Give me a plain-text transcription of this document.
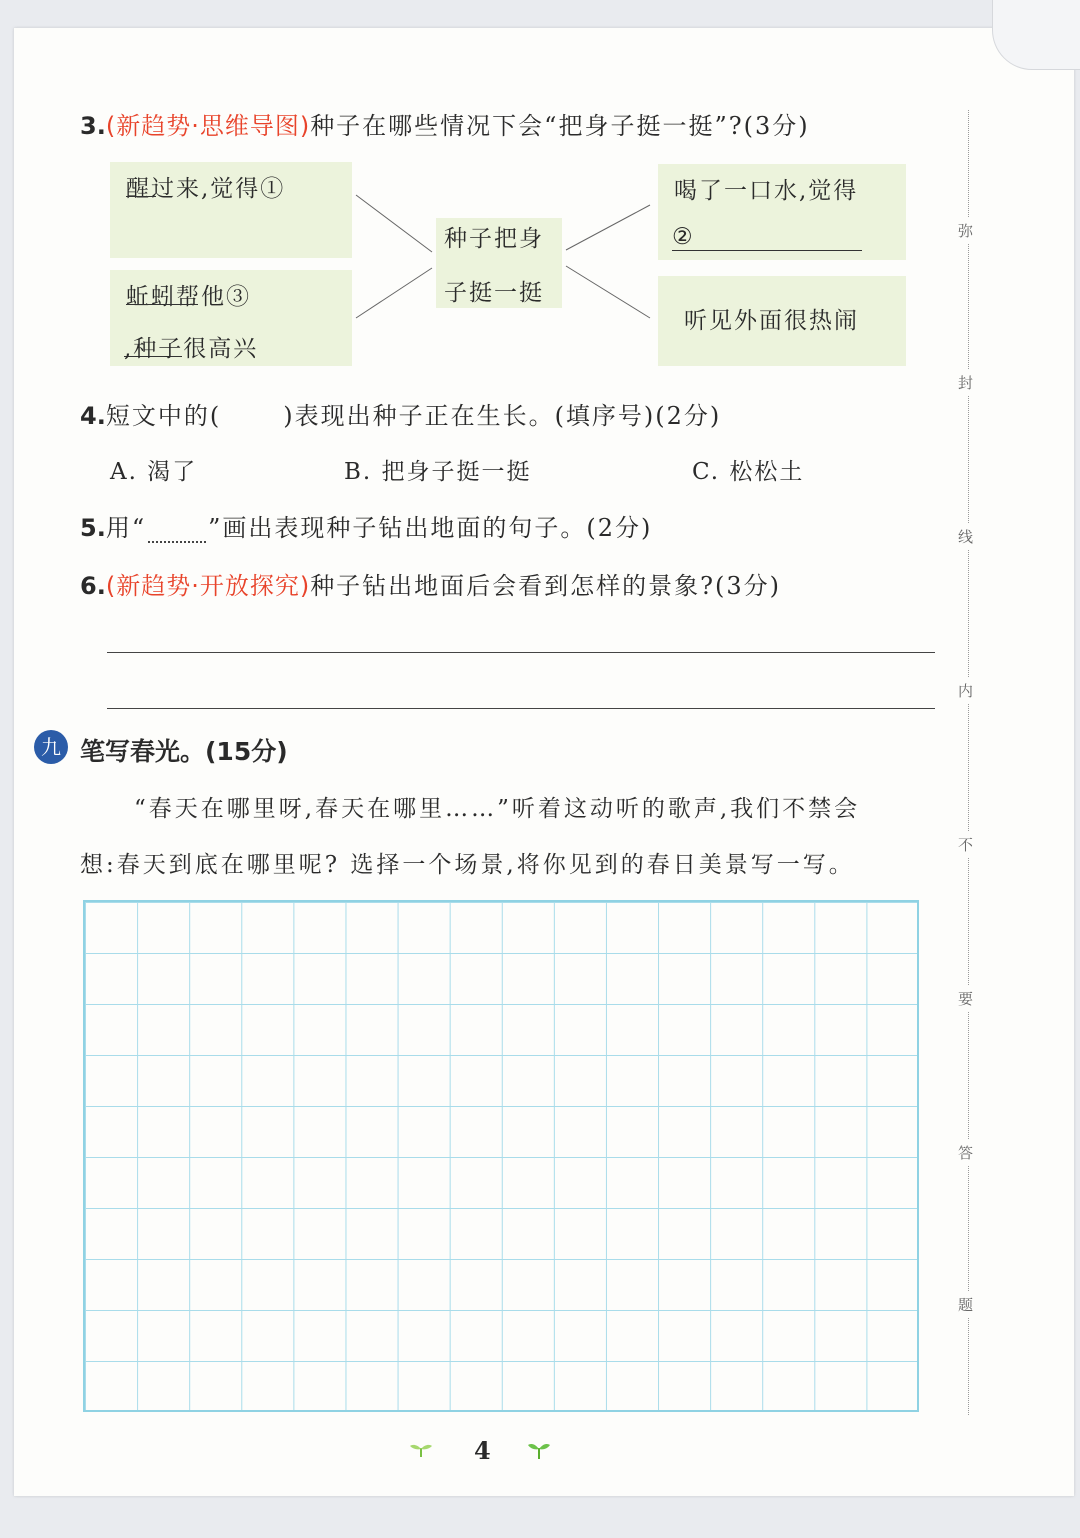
3.(新趋势·思维导图)种子在哪些情况下会“把身子挺一挺”?(3分)
醒过来,觉得①

蚯蚓帮他③

,种子很高兴
种子把身
子挺一挺
喝了一口水,觉得
②

听见外面很热闹
4.短文中的(	)表现出种子正在生长。(填序号)(2分)
A. 渴了	B. 把身子挺一挺	C. 松松土
5.用“	”画出表现种子钻出地面的句子。(2分)
6.(新趋势·开放探究)种子钻出地面后会看到怎样的景象?(3分)
九 笔写春光。(15分)
“春天在哪里呀,春天在哪里……”听着这动听的歌声,我们不禁会
想:春天到底在哪里呢? 选择一个场景,将你见到的春日美景写一写。
弥
封
线
内
不
要
答
题
4
